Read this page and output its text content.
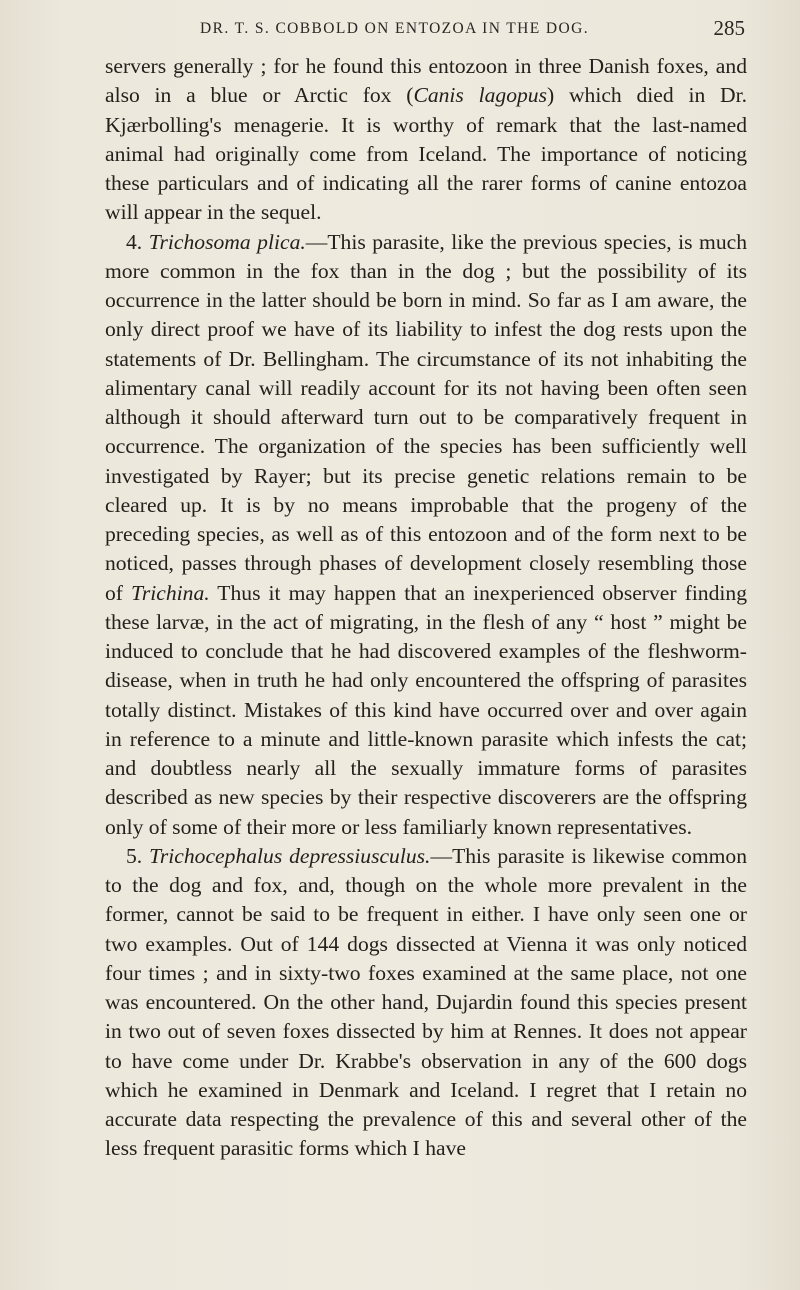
DR. T. S. COBBOLD ON ENTOZOA IN THE DOG.	285

servers generally ; for he found this entozoon in three Danish foxes, and also in a blue or Arctic fox (Canis lagopus) which died in Dr. Kjærbolling's menagerie. It is worthy of remark that the last-named animal had originally come from Iceland. The importance of noticing these particulars and of indicating all the rarer forms of canine entozoa will appear in the sequel.

4. Trichosoma plica.—This parasite, like the previous species, is much more common in the fox than in the dog ; but the possibility of its occurrence in the latter should be born in mind. So far as I am aware, the only direct proof we have of its liability to infest the dog rests upon the statements of Dr. Bellingham. The circumstance of its not inhabiting the alimentary canal will readily account for its not having been often seen although it should afterward turn out to be comparatively frequent in occurrence. The organization of the species has been sufficiently well investigated by Rayer; but its precise genetic relations remain to be cleared up. It is by no means improbable that the progeny of the preceding species, as well as of this entozoon and of the form next to be noticed, passes through phases of development closely resembling those of Trichina. Thus it may happen that an inexperienced observer finding these larvæ, in the act of migrating, in the flesh of any “ host ” might be induced to conclude that he had discovered examples of the fleshworm-disease, when in truth he had only encountered the offspring of parasites totally distinct. Mistakes of this kind have occurred over and over again in reference to a minute and little-known parasite which infests the cat; and doubtless nearly all the sexually immature forms of parasites described as new species by their respective discoverers are the offspring only of some of their more or less familiarly known representatives.

5. Trichocephalus depressiusculus.—This parasite is likewise common to the dog and fox, and, though on the whole more prevalent in the former, cannot be said to be frequent in either. I have only seen one or two examples. Out of 144 dogs dissected at Vienna it was only noticed four times ; and in sixty-two foxes examined at the same place, not one was encountered. On the other hand, Dujardin found this species present in two out of seven foxes dissected by him at Rennes. It does not appear to have come under Dr. Krabbe's observation in any of the 600 dogs which he examined in Denmark and Iceland. I regret that I retain no accurate data respecting the prevalence of this and several other of the less frequent parasitic forms which I have
